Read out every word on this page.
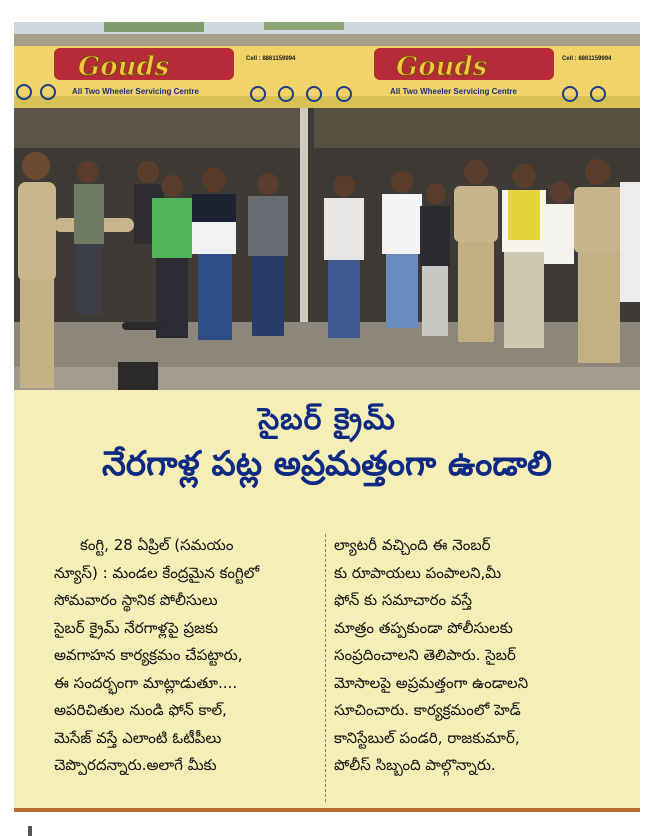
Gouds	Gouds
All Two Wheeler Servicing Centre	All Two Wheeler Servicing Centre
Cell : 8861159994	Cell : 8861159994
సైబర్ క్రైమ్
నేరగాళ్ల పట్ల అప్రమత్తంగా ఉండాలి
కంగ్టి, 28 ఏప్రిల్ (సమయం
న్యూస్) : మండల కేంద్రమైన కంగ్టిలో
సోమవారం స్థానిక పోలీసులు
సైబర్ క్రైమ్ నేరగాళ్లపై ప్రజకు
అవగాహన కార్యక్రమం చేపట్టారు,
ఈ సందర్భంగా మాట్లాడుతూ....
అపరిచితుల నుండి ఫోన్ కాల్,
మెసేజ్ వస్తే ఎలాంటి ఓటీపీలు
చెప్పొరదన్నారు.అలాగే మీకు
ల్యాటరీ వచ్చింది ఈ నెంబర్
కు రూపాయలు పంపాలని,మీ
ఫోన్ కు సమాచారం వస్తే
మాత్రం తప్పకుండా పోలీసులకు
సంప్రదించాలని తెలిపారు. సైబర్
మోసాలపై అప్రమత్తంగా ఉండాలని
సూచించారు. కార్యక్రమంలో హెడ్
కానిస్టేబుల్ పండరి, రాజకుమార్,
పోలీస్ సిబ్బంది పాల్గొన్నారు.
